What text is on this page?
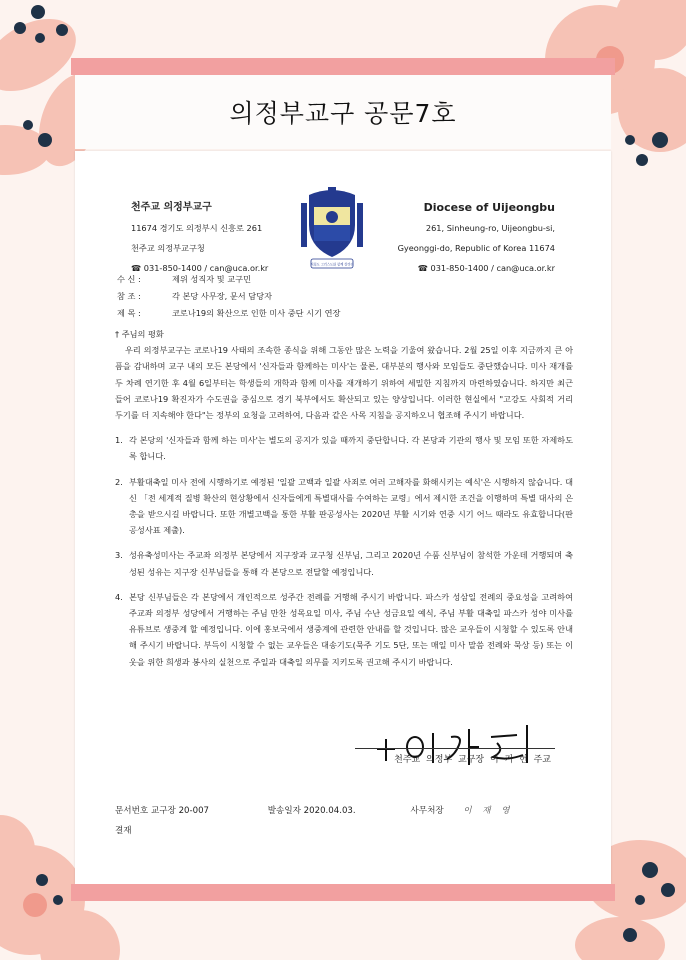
의정부교구 공문7호
천주교 의정부교구
11674 경기도 의정부시 신흥로 261
천주교 의정부교구청
☎ 031-850-1400 / can@uca.or.kr	저희도 그리스도와 함께 살리라
Diocese of Uijeongbu
261, Sinheung-ro, Uijeongbu-si,
Gyeonggi-do, Republic of Korea 11674
☎ 031-850-1400 / can@uca.or.kr
수 신 :	제위 성직자 및 교구민
참 조 :	각 본당 사무장, 문서 담당자
제 목 :	코로나19의 확산으로 인한 미사 중단 시기 연장

† 주님의 평화

우리 의정부교구는 코로나19 사태의 조속한 종식을 위해 그동안 많은 노력을 기울여 왔습니다. 2월 25일 이후 지금까지 큰 아픔을 감내하며 교구 내의 모든 본당에서 '신자들과 함께하는 미사'는 물론, 대부분의 행사와 모임들도 중단했습니다. 미사 재개를 두 차례 연기한 후 4월 6일부터는 학생들의 개학과 함께 미사를 재개하기 위하여 세밀한 지침까지 마련하였습니다. 하지만 최근 들어 코로나19 확진자가 수도권을 중심으로 경기 북부에서도 확산되고 있는 양상입니다. 이러한 현실에서 "고강도 사회적 거리 두기를 더 지속해야 한다"는 정부의 요청을 고려하여, 다음과 같은 사목 지침을 공지하오니 협조해 주시기 바랍니다.

1. 각 본당의 '신자들과 함께 하는 미사'는 별도의 공지가 있을 때까지 중단합니다. 각 본당과 기관의 행사 및 모임 또한 자제하도록 합니다.
2. 부활대축일 미사 전에 시행하기로 예정된 '일괄 고백과 일괄 사죄로 여러 고해자를 화해시키는 예식'은 시행하지 않습니다. 대신 「전 세계적 질병 확산의 현상황에서 신자들에게 특별대사를 수여하는 교령」에서 제시한 조건을 이행하며 특별 대사의 은총을 받으시길 바랍니다. 또한 개별고백을 통한 부활 판공성사는 2020년 부활 시기와 연중 시기 어느 때라도 유효합니다(판공성사표 제출).
3. 성유축성미사는 주교좌 의정부 본당에서 지구장과 교구청 신부님, 그리고 2020년 수품 신부님이 참석한 가운데 거행되며 축성된 성유는 지구장 신부님들을 통해 각 본당으로 전달할 예정입니다.
4. 본당 신부님들은 각 본당에서 개인적으로 성주간 전례를 거행해 주시기 바랍니다. 파스카 성삼일 전례의 중요성을 고려하여 주교좌 의정부 성당에서 거행하는 주님 만찬 성목요일 미사, 주님 수난 성금요일 예식, 주님 부활 대축일 파스카 성야 미사를 유튜브로 생중계 할 예정입니다. 이에 홍보국에서 생중계에 관련한 안내를 할 것입니다. 많은 교우들이 시청할 수 있도록 안내해 주시기 바랍니다. 부득이 시청할 수 없는 교우들은 대송기도(묵주 기도 5단, 또는 매일 미사 말씀 전례와 묵상 등) 또는 이웃을 위한 희생과 봉사의 실천으로 주일과 대축일 의무를 지키도록 권고해 주시기 바랍니다.
천주교 의정부 교구장 이 기 헌 주교
문서번호 교구장 20-007	발송일자 2020.04.03.	사무처장 이 재 영
결재
